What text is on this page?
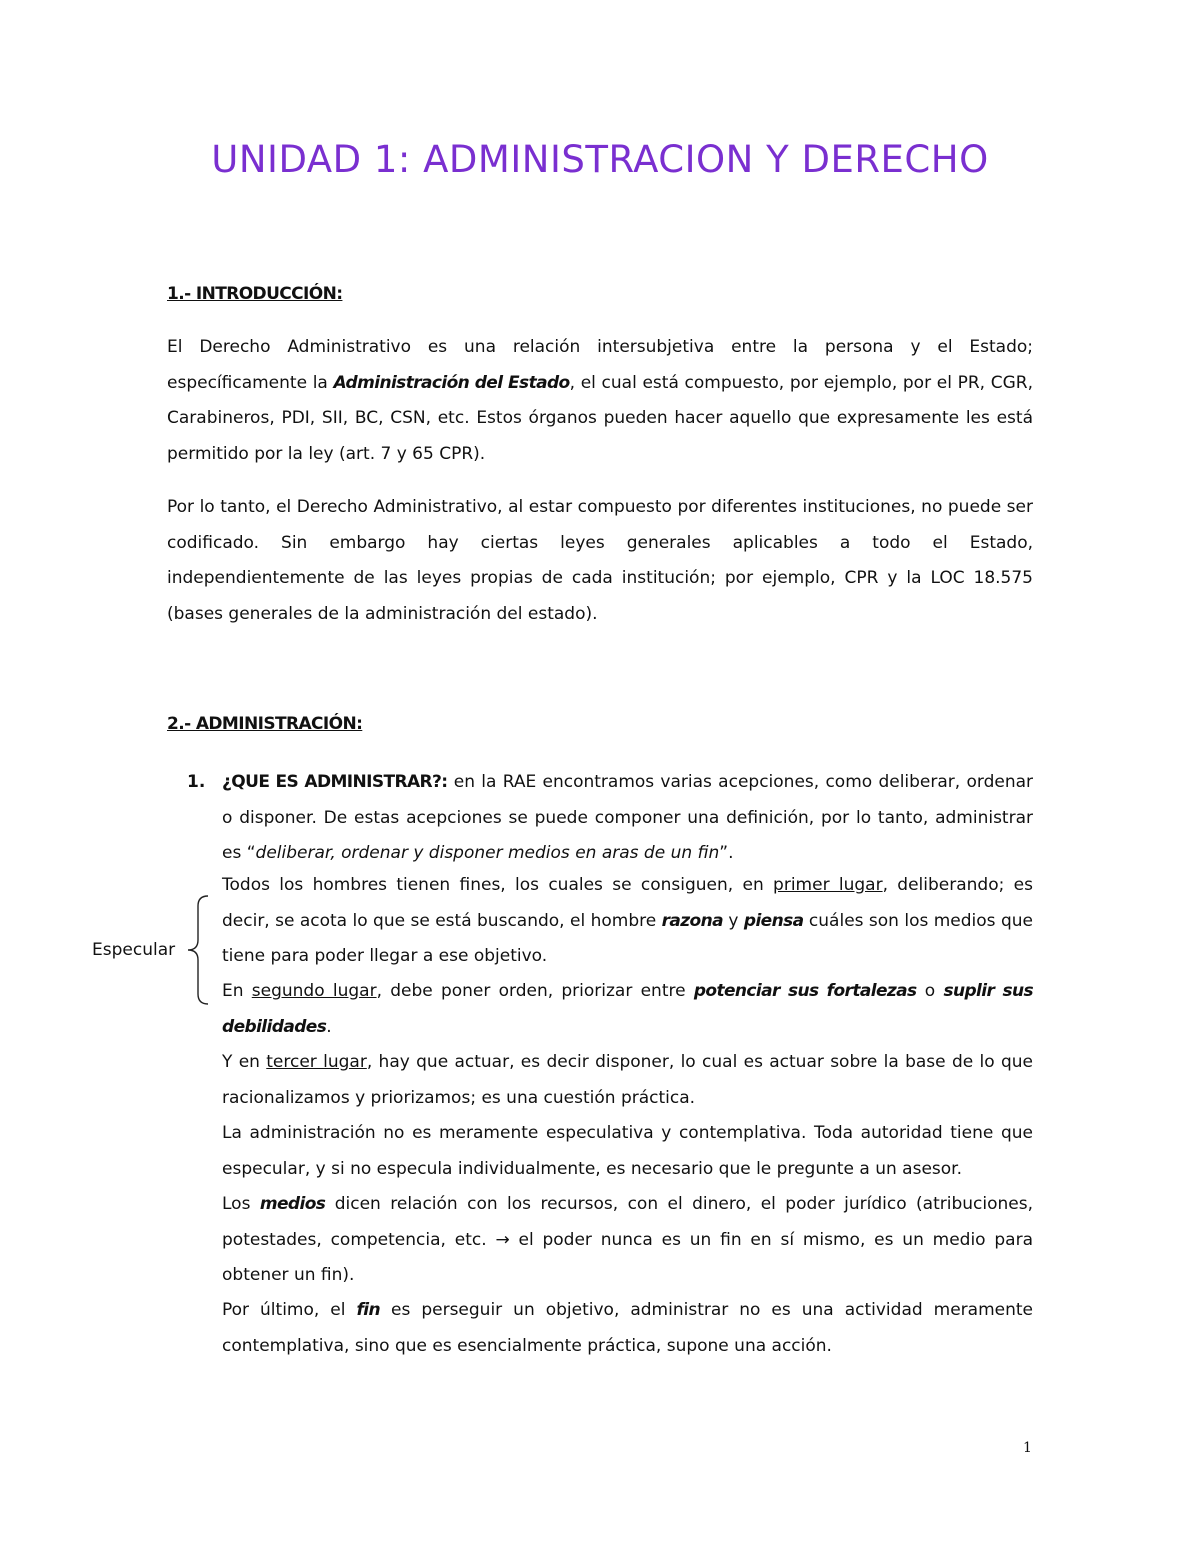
UNIDAD 1: ADMINISTRACION Y DERECHO
1.- INTRODUCCIÓN:

El Derecho Administrativo es una relación intersubjetiva entre la persona y el Estado; específicamente la Administración del Estado, el cual está compuesto, por ejemplo, por el PR, CGR, Carabineros, PDI, SII, BC, CSN, etc. Estos órganos pueden hacer aquello que expresamente les está permitido por la ley (art. 7 y 65 CPR).

Por lo tanto, el Derecho Administrativo, al estar compuesto por diferentes instituciones, no puede ser codificado. Sin embargo hay ciertas leyes generales aplicables a todo el Estado, independientemente de las leyes propias de cada institución; por ejemplo, CPR y la LOC 18.575 (bases generales de la administración del estado).

2.- ADMINISTRACIÓN:

1. ¿QUE ES ADMINISTRAR?: en la RAE encontramos varias acepciones, como deliberar, ordenar o disponer. De estas acepciones se puede componer una definición, por lo tanto, administrar es “deliberar, ordenar y disponer medios en aras de un fin”.

Todos los hombres tienen fines, los cuales se consiguen, en primer lugar, deliberando; es decir, se acota lo que se está buscando, el hombre razona y piensa cuáles son los medios que tiene para poder llegar a ese objetivo.

En segundo lugar, debe poner orden, priorizar entre potenciar sus fortalezas o suplir sus debilidades.

Y en tercer lugar, hay que actuar, es decir disponer, lo cual es actuar sobre la base de lo que racionalizamos y priorizamos; es una cuestión práctica.

La administración no es meramente especulativa y contemplativa. Toda autoridad tiene que especular, y si no especula individualmente, es necesario que le pregunte a un asesor.

Los medios dicen relación con los recursos, con el dinero, el poder jurídico (atribuciones, potestades, competencia, etc. → el poder nunca es un fin en sí mismo, es un medio para obtener un fin).

Por último, el fin es perseguir un objetivo, administrar no es una actividad meramente contemplativa, sino que es esencialmente práctica, supone una acción.

Especular

1
